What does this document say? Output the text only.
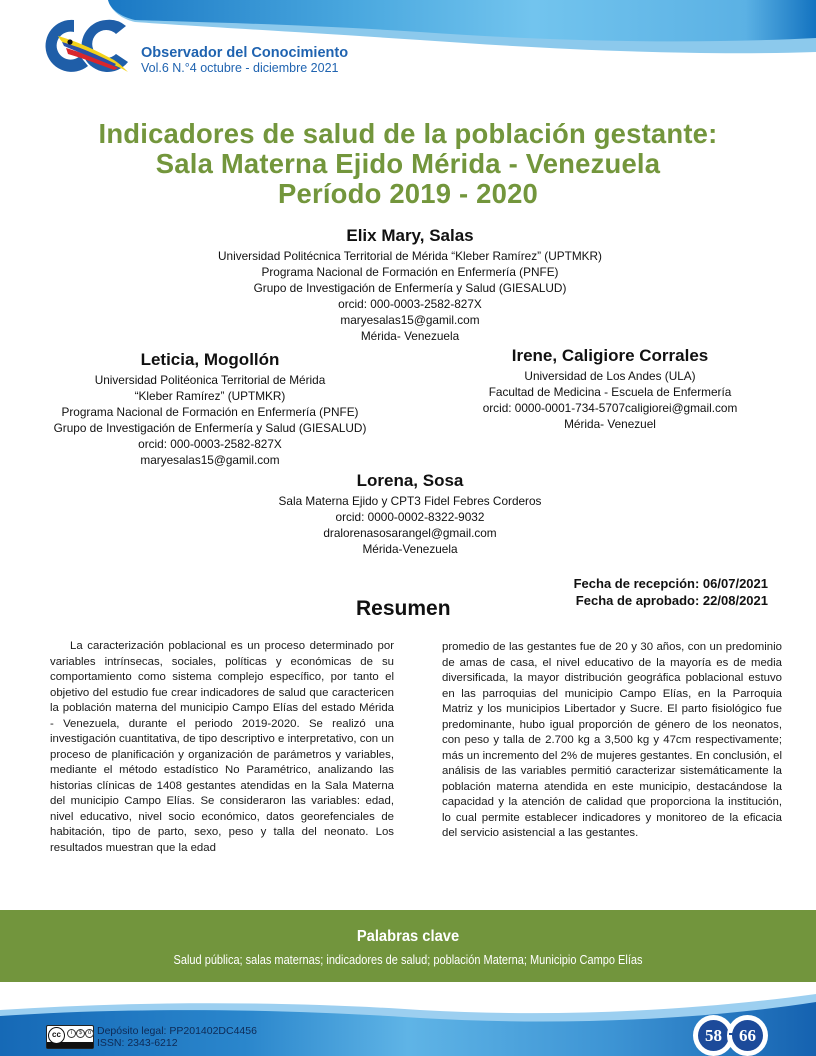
Observador del Conocimiento
Vol.6 N.°4 octubre - diciembre 2021
Indicadores de salud de la población gestante:
Sala Materna Ejido Mérida - Venezuela
Período 2019 - 2020
Elix Mary, Salas
Universidad Politécnica Territorial de Mérida “Kleber Ramírez” (UPTMKR)
Programa Nacional de Formación en Enfermería (PNFE)
Grupo de Investigación de Enfermería y Salud (GIESALUD)
orcid: 000-0003-2582-827X
maryesalas15@gamil.com
Mérida- Venezuela
Leticia, Mogollón
Universidad Politéonica Territorial de Mérida
“Kleber Ramírez” (UPTMKR)
Programa Nacional de Formación en Enfermería (PNFE)
Grupo de Investigación de Enfermería y Salud (GIESALUD)
orcid: 000-0003-2582-827X
maryesalas15@gamil.com
Irene, Caligiore Corrales
Universidad de Los Andes (ULA)
Facultad de Medicina - Escuela de Enfermería
orcid: 0000-0001-734-5707caligiorei@gmail.com
Mérida- Venezuel
Lorena, Sosa
Sala Materna Ejido y CPT3 Fidel Febres Corderos
orcid: 0000-0002-8322-9032
dralorenasosarangel@gmail.com
Mérida-Venezuela
Fecha de recepción: 06/07/2021
Fecha de aprobado: 22/08/2021
Resumen

La caracterización poblacional es un proceso determinado por variables intrínsecas, sociales, políticas y económicas de su comportamiento como sistema complejo específico, por tanto el objetivo del estudio fue crear indicadores de salud que caractericen la población materna del municipio Campo Elías del estado Mérida - Venezuela, durante el periodo 2019-2020. Se realizó una investigación cuantitativa, de tipo descriptivo e interpretativo, con un proceso de planificación y organización de parámetros y variables, mediante el método estadístico No Paramétrico, analizando las historias clínicas de 1408 gestantes atendidas en la Sala Materna del municipio Campo Elías. Se consideraron las variables: edad, nivel educativo, nivel socio económico, datos georefenciales de habitación, tipo de parto, sexo, peso y talla del neonato. Los resultados muestran que la edad

promedio de las gestantes fue de 20 y 30 años, con un predominio de amas de casa, el nivel educativo de la mayoría es de media diversificada, la mayor distribución geográfica poblacional estuvo en las parroquias del municipio Campo Elías, en la Parroquia Matriz y los municipios Libertador y Sucre. El parto fisiológico fue predominante, hubo igual proporción de género de los neonatos, con peso y talla de 2.700 kg a 3,500 kg y 47cm respectivamente; más un incremento del 2% de mujeres gestantes. En conclusión, el análisis de las variables permitió caracterizar sistemáticamente la población materna atendida en este municipio, destacándose la capacidad y la atención de calidad que proporciona la institución, lo cual permite establecer indicadores y monitoreo de la eficacia del servicio asistencial a las gestantes.

Palabras clave
Salud pública; salas maternas; indicadores de salud; población Materna; Municipio Campo Elías
cc	i	$ o Depósito legal: PP201402DC4456
ISSN: 2343-6212	58	66
